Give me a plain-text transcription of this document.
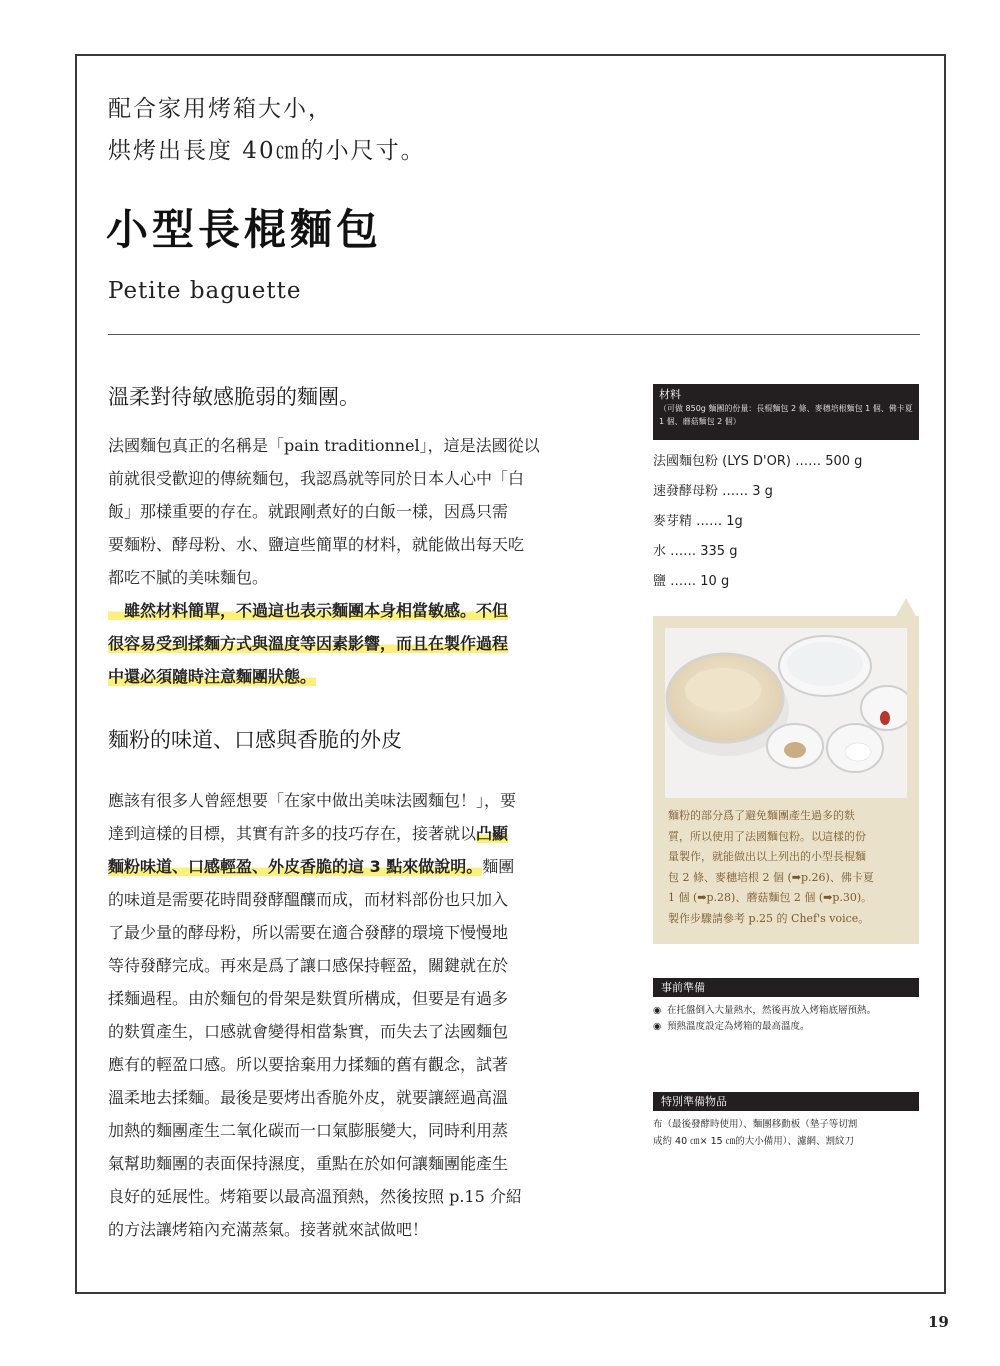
配合家用烤箱大小，
烘烤出長度 40㎝的小尺寸。
小型長棍麵包
Petite baguette
溫柔對待敏感脆弱的麵團。

法國麵包真正的名稱是「pain traditionnel」，這是法國從以
前就很受歡迎的傳統麵包，我認爲就等同於日本人心中「白
飯」那樣重要的存在。就跟剛煮好的白飯一樣，因爲只需
要麵粉、酵母粉、水、鹽這些簡單的材料，就能做出每天吃
都吃不膩的美味麵包。

　雖然材料簡單，不過這也表示麵團本身相當敏感。不但
很容易受到揉麵方式與溫度等因素影響，而且在製作過程
中還必須隨時注意麵團狀態。

麵粉的味道、口感與香脆的外皮

應該有很多人曾經想要「在家中做出美味法國麵包！」，要
達到這樣的目標，其實有許多的技巧存在，接著就以凸顯
麵粉味道、口感輕盈、外皮香脆的這 3 點來做說明。麵團
的味道是需要花時間發酵醞釀而成，而材料部份也只加入
了最少量的酵母粉，所以需要在適合發酵的環境下慢慢地
等待發酵完成。再來是爲了讓口感保持輕盈，關鍵就在於
揉麵過程。由於麵包的骨架是麩質所構成，但要是有過多
的麩質產生，口感就會變得相當紮實，而失去了法國麵包
應有的輕盈口感。所以要捨棄用力揉麵的舊有觀念，試著
溫柔地去揉麵。最後是要烤出香脆外皮，就要讓經過高溫
加熱的麵團產生二氧化碳而一口氣膨脹變大，同時利用蒸
氣幫助麵團的表面保持濕度，重點在於如何讓麵團能產生
良好的延展性。烤箱要以最高溫預熱，然後按照 p.15 介紹
的方法讓烤箱內充滿蒸氣。接著就來試做吧！

材料
（可做 850g 麵團的份量：長棍麵包 2 條、麥穗培根麵包 1 個、佛卡夏 1 個、蘑菇麵包 2 個）
法國麵包粉 (LYS D'OR) …… 500 g
速發酵母粉 …… 3 g
麥芽精 …… 1g
水 …… 335 g
鹽 …… 10 g
麵粉的部分爲了避免麵團產生過多的麩
質，所以使用了法國麵包粉。以這樣的份
量製作，就能做出以上列出的小型長棍麵
包 2 條、麥穗培根 2 個 (➡p.26)、佛卡夏
1 個 (➡p.28)、蘑菇麵包 2 個 (➡p.30)。
製作步驟請參考 p.25 的 Chef's voice。
事前準備
◉ 在托盤倒入大量熱水，然後再放入烤箱底層預熱。
◉ 預熱溫度設定為烤箱的最高溫度。
特別準備物品
布（最後發酵時使用）、麵團移動板（墊子等切割
成約 40 ㎝× 15 ㎝的大小備用）、濾網、割紋刀
19
